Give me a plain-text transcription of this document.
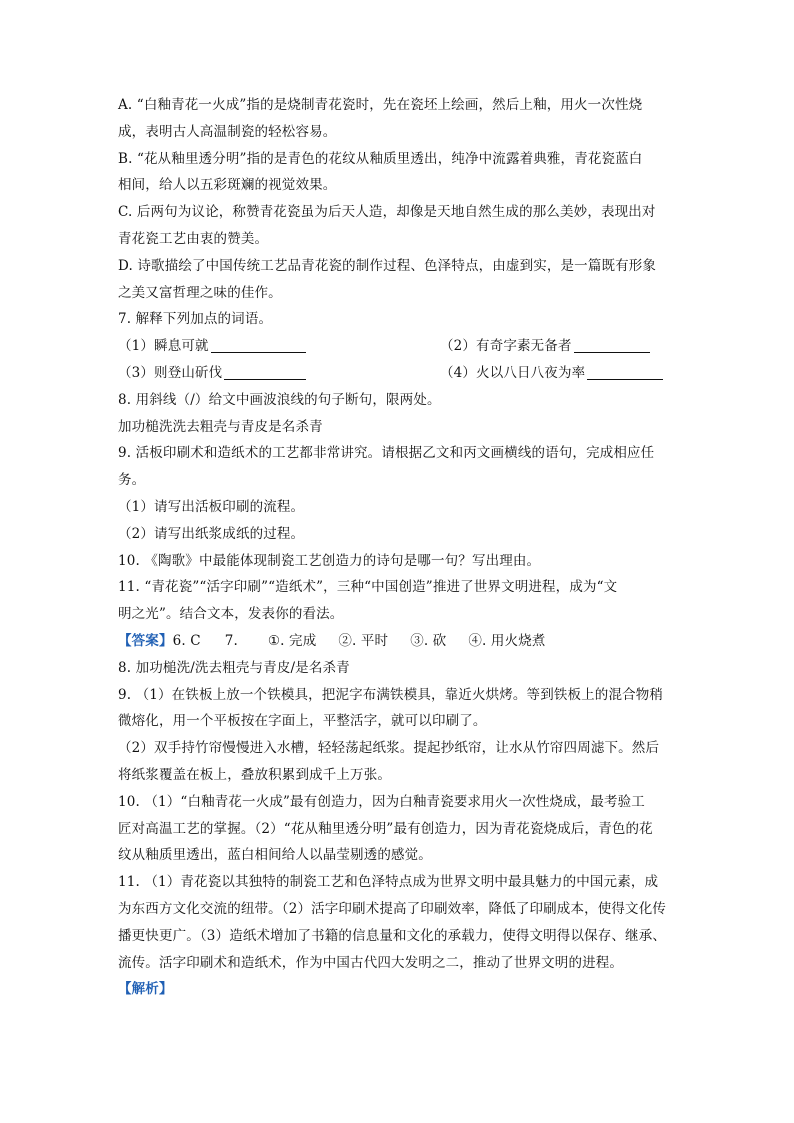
A. “白釉青花一火成”指的是烧制青花瓷时，先在瓷坯上绘画，然后上釉，用火一次性烧
成，表明古人高温制瓷的轻松容易。
B. “花从釉里透分明”指的是青色的花纹从釉质里透出，纯净中流露着典雅，青花瓷蓝白
相间，给人以五彩斑斓的视觉效果。
C. 后两句为议论，称赞青花瓷虽为后天人造，却像是天地自然生成的那么美妙，表现出对
青花瓷工艺由衷的赞美。
D. 诗歌描绘了中国传统工艺品青花瓷的制作过程、色泽特点，由虚到实，是一篇既有形象
之美又富哲理之味的佳作。
7. 解释下列加点的词语。
（1）瞬息可就	（2）有奇字素无备者
（3）则登山斫伐	（4）火以八日八夜为率
8. 用斜线（/）给文中画波浪线的句子断句，限两处。
加功槌洗洗去粗壳与青皮是名杀青
9. 活板印刷术和造纸术的工艺都非常讲究。请根据乙文和丙文画横线的语句，完成相应任
务。
（1）请写出活板印刷的流程。
（2）请写出纸浆成纸的过程。
10. 《陶歌》中最能体现制瓷工艺创造力的诗句是哪一句？写出理由。
11. “青花瓷”“活字印刷”“造纸术”，三种“中国创造”推进了世界文明进程，成为“文
明之光”。结合文本，发表你的看法。
【答案】6. C 7. ①. 完成 ②. 平时 ③. 砍 ④. 用火烧煮
8. 加功槌洗/洗去粗壳与青皮/是名杀青
9. （1）在铁板上放一个铁模具，把泥字布满铁模具，靠近火烘烤。等到铁板上的混合物稍
微熔化，用一个平板按在字面上，平整活字，就可以印刷了。
（2）双手持竹帘慢慢进入水槽，轻轻荡起纸浆。提起抄纸帘，让水从竹帘四周滤下。然后
将纸浆覆盖在板上，叠放积累到成千上万张。
10. （1）“白釉青花一火成”最有创造力，因为白釉青瓷要求用火一次性烧成，最考验工
匠对高温工艺的掌握。（2）“花从釉里透分明”最有创造力，因为青花瓷烧成后，青色的花
纹从釉质里透出，蓝白相间给人以晶莹剔透的感觉。
11. （1）青花瓷以其独特的制瓷工艺和色泽特点成为世界文明中最具魅力的中国元素，成
为东西方文化交流的纽带。（2）活字印刷术提高了印刷效率，降低了印刷成本，使得文化传
播更快更广。（3）造纸术增加了书籍的信息量和文化的承载力，使得文明得以保存、继承、
流传。活字印刷术和造纸术，作为中国古代四大发明之二，推动了世界文明的进程。
【解析】
